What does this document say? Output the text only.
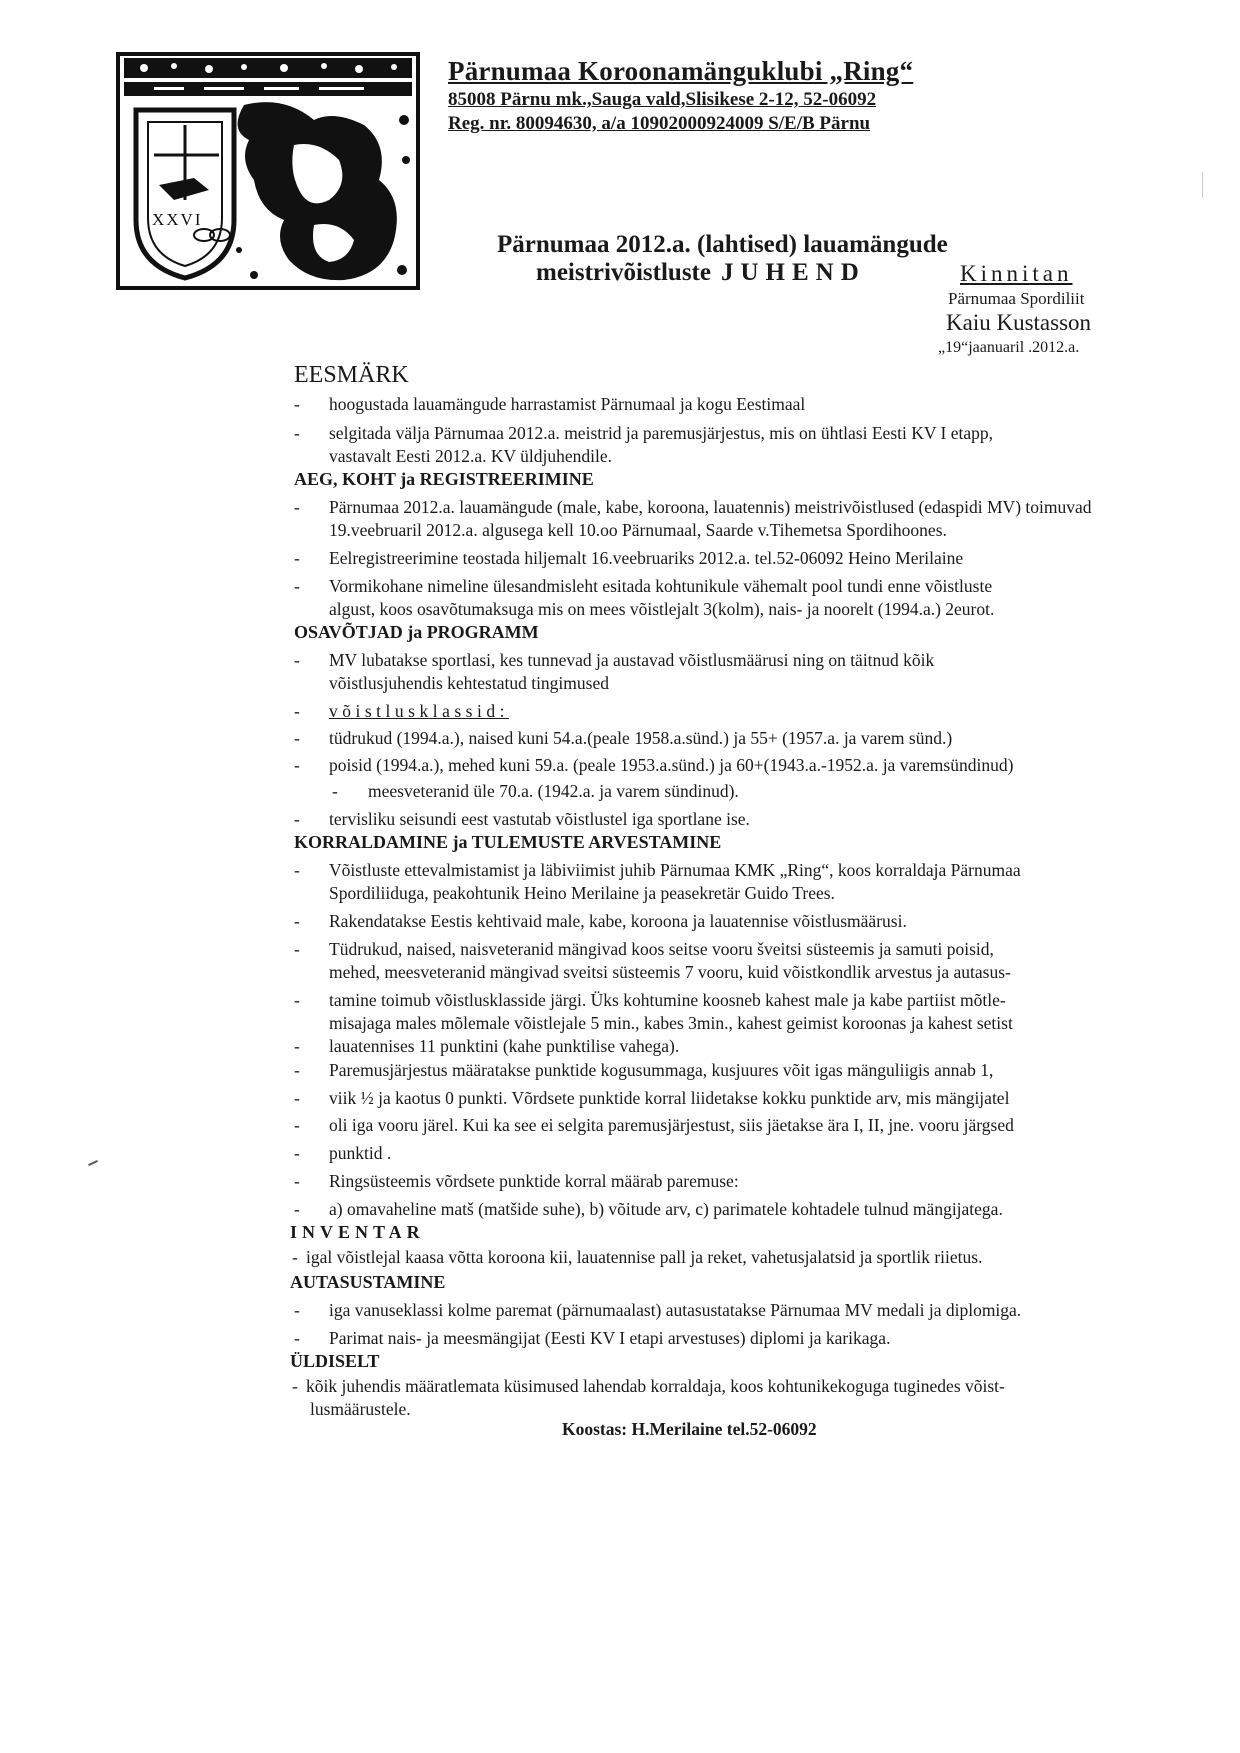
XXVI
Pärnumaa Koroonamänguklubi „Ring“
85008 Pärnu mk.,Sauga vald,Slisikese 2-12, 52-06092
Reg. nr. 80094630, a/a 10902000924009 S/E/B Pärnu
Pärnumaa 2012.a. (lahtised) lauamängude
meistrivõistluste JUHEND	Kinnitan
Pärnumaa Spordiliit
Kaiu Kustasson
„19“jaanuaril .2012.a.
EESMÄRK
- hoogustada lauamängude harrastamist Pärnumaal ja kogu Eestimaal
- selgitada välja Pärnumaa 2012.a. meistrid ja paremusjärjestus, mis on ühtlasi Eesti KV I etapp,
vastavalt Eesti 2012.a. KV üldjuhendile.
AEG, KOHT ja REGISTREERIMINE
- Pärnumaa 2012.a. lauamängude (male, kabe, koroona, lauatennis) meistrivõistlused (edaspidi MV) toimuvad
19.veebruaril 2012.a. algusega kell 10.oo Pärnumaal, Saarde v.Tihemetsa Spordihoones.
- Eelregistreerimine teostada hiljemalt 16.veebruariks 2012.a. tel.52-06092 Heino Merilaine
- Vormikohane nimeline ülesandmisleht esitada kohtunikule vähemalt pool tundi enne võistluste
algust, koos osavõtumaksuga mis on mees võistlejalt 3(kolm), nais- ja noorelt (1994.a.) 2eurot.
OSAVÕTJAD ja PROGRAMM
- MV lubatakse sportlasi, kes tunnevad ja austavad võistlusmäärusi ning on täitnud kõik
võistlusjuhendis kehtestatud tingimused
- võistlusklassid:
- tüdrukud (1994.a.), naised kuni 54.a.(peale 1958.a.sünd.) ja 55+ (1957.a. ja varem sünd.)
- poisid (1994.a.), mehed kuni 59.a. (peale 1953.a.sünd.) ja 60+(1943.a.-1952.a. ja varemsündinud)
- meesveteranid üle 70.a. (1942.a. ja varem sündinud).
- tervisliku seisundi eest vastutab võistlustel iga sportlane ise.
KORRALDAMINE ja TULEMUSTE ARVESTAMINE
- Võistluste ettevalmistamist ja läbiviimist juhib Pärnumaa KMK „Ring“, koos korraldaja Pärnumaa
Spordiliiduga, peakohtunik Heino Merilaine ja peasekretär Guido Trees.
- Rakendatakse Eestis kehtivaid male, kabe, koroona ja lauatennise võistlusmäärusi.
- Tüdrukud, naised, naisveteranid mängivad koos seitse vooru šveitsi süsteemis ja samuti poisid,
mehed, meesveteranid mängivad sveitsi süsteemis 7 vooru, kuid võistkondlik arvestus ja autasus-
- tamine toimub võistlusklasside järgi. Üks kohtumine koosneb kahest male ja kabe partiist mõtle-
misajaga males mõlemale võistlejale 5 min., kabes 3min., kahest geimist koroonas ja kahest setist
- lauatennises 11 punktini (kahe punktilise vahega).
- Paremusjärjestus määratakse punktide kogusummaga, kusjuures võit igas mänguliigis annab 1,
- viik ½ ja kaotus 0 punkti. Võrdsete punktide korral liidetakse kokku punktide arv, mis mängijatel
- oli iga vooru järel. Kui ka see ei selgita paremusjärjestust, siis jäetakse ära I, II, jne. vooru järgsed
- punktid .
- Ringsüsteemis võrdsete punktide korral määrab paremuse:
- a) omavaheline matš (matšide suhe), b) võitude arv, c) parimatele kohtadele tulnud mängijatega.
INVENTAR
- igal võistlejal kaasa võtta koroona kii, lauatennise pall ja reket, vahetusjalatsid ja sportlik riietus.
AUTASUSTAMINE
- iga vanuseklassi kolme paremat (pärnumaalast) autasustatakse Pärnumaa MV medali ja diplomiga.
- Parimat nais- ja meesmängijat (Eesti KV I etapi arvestuses) diplomi ja karikaga.
ÜLDISELT
- kõik juhendis määratlemata küsimused lahendab korraldaja, koos kohtunikekoguga tuginedes võist-
lusmäärustele.
Koostas: H.Merilaine tel.52-06092
